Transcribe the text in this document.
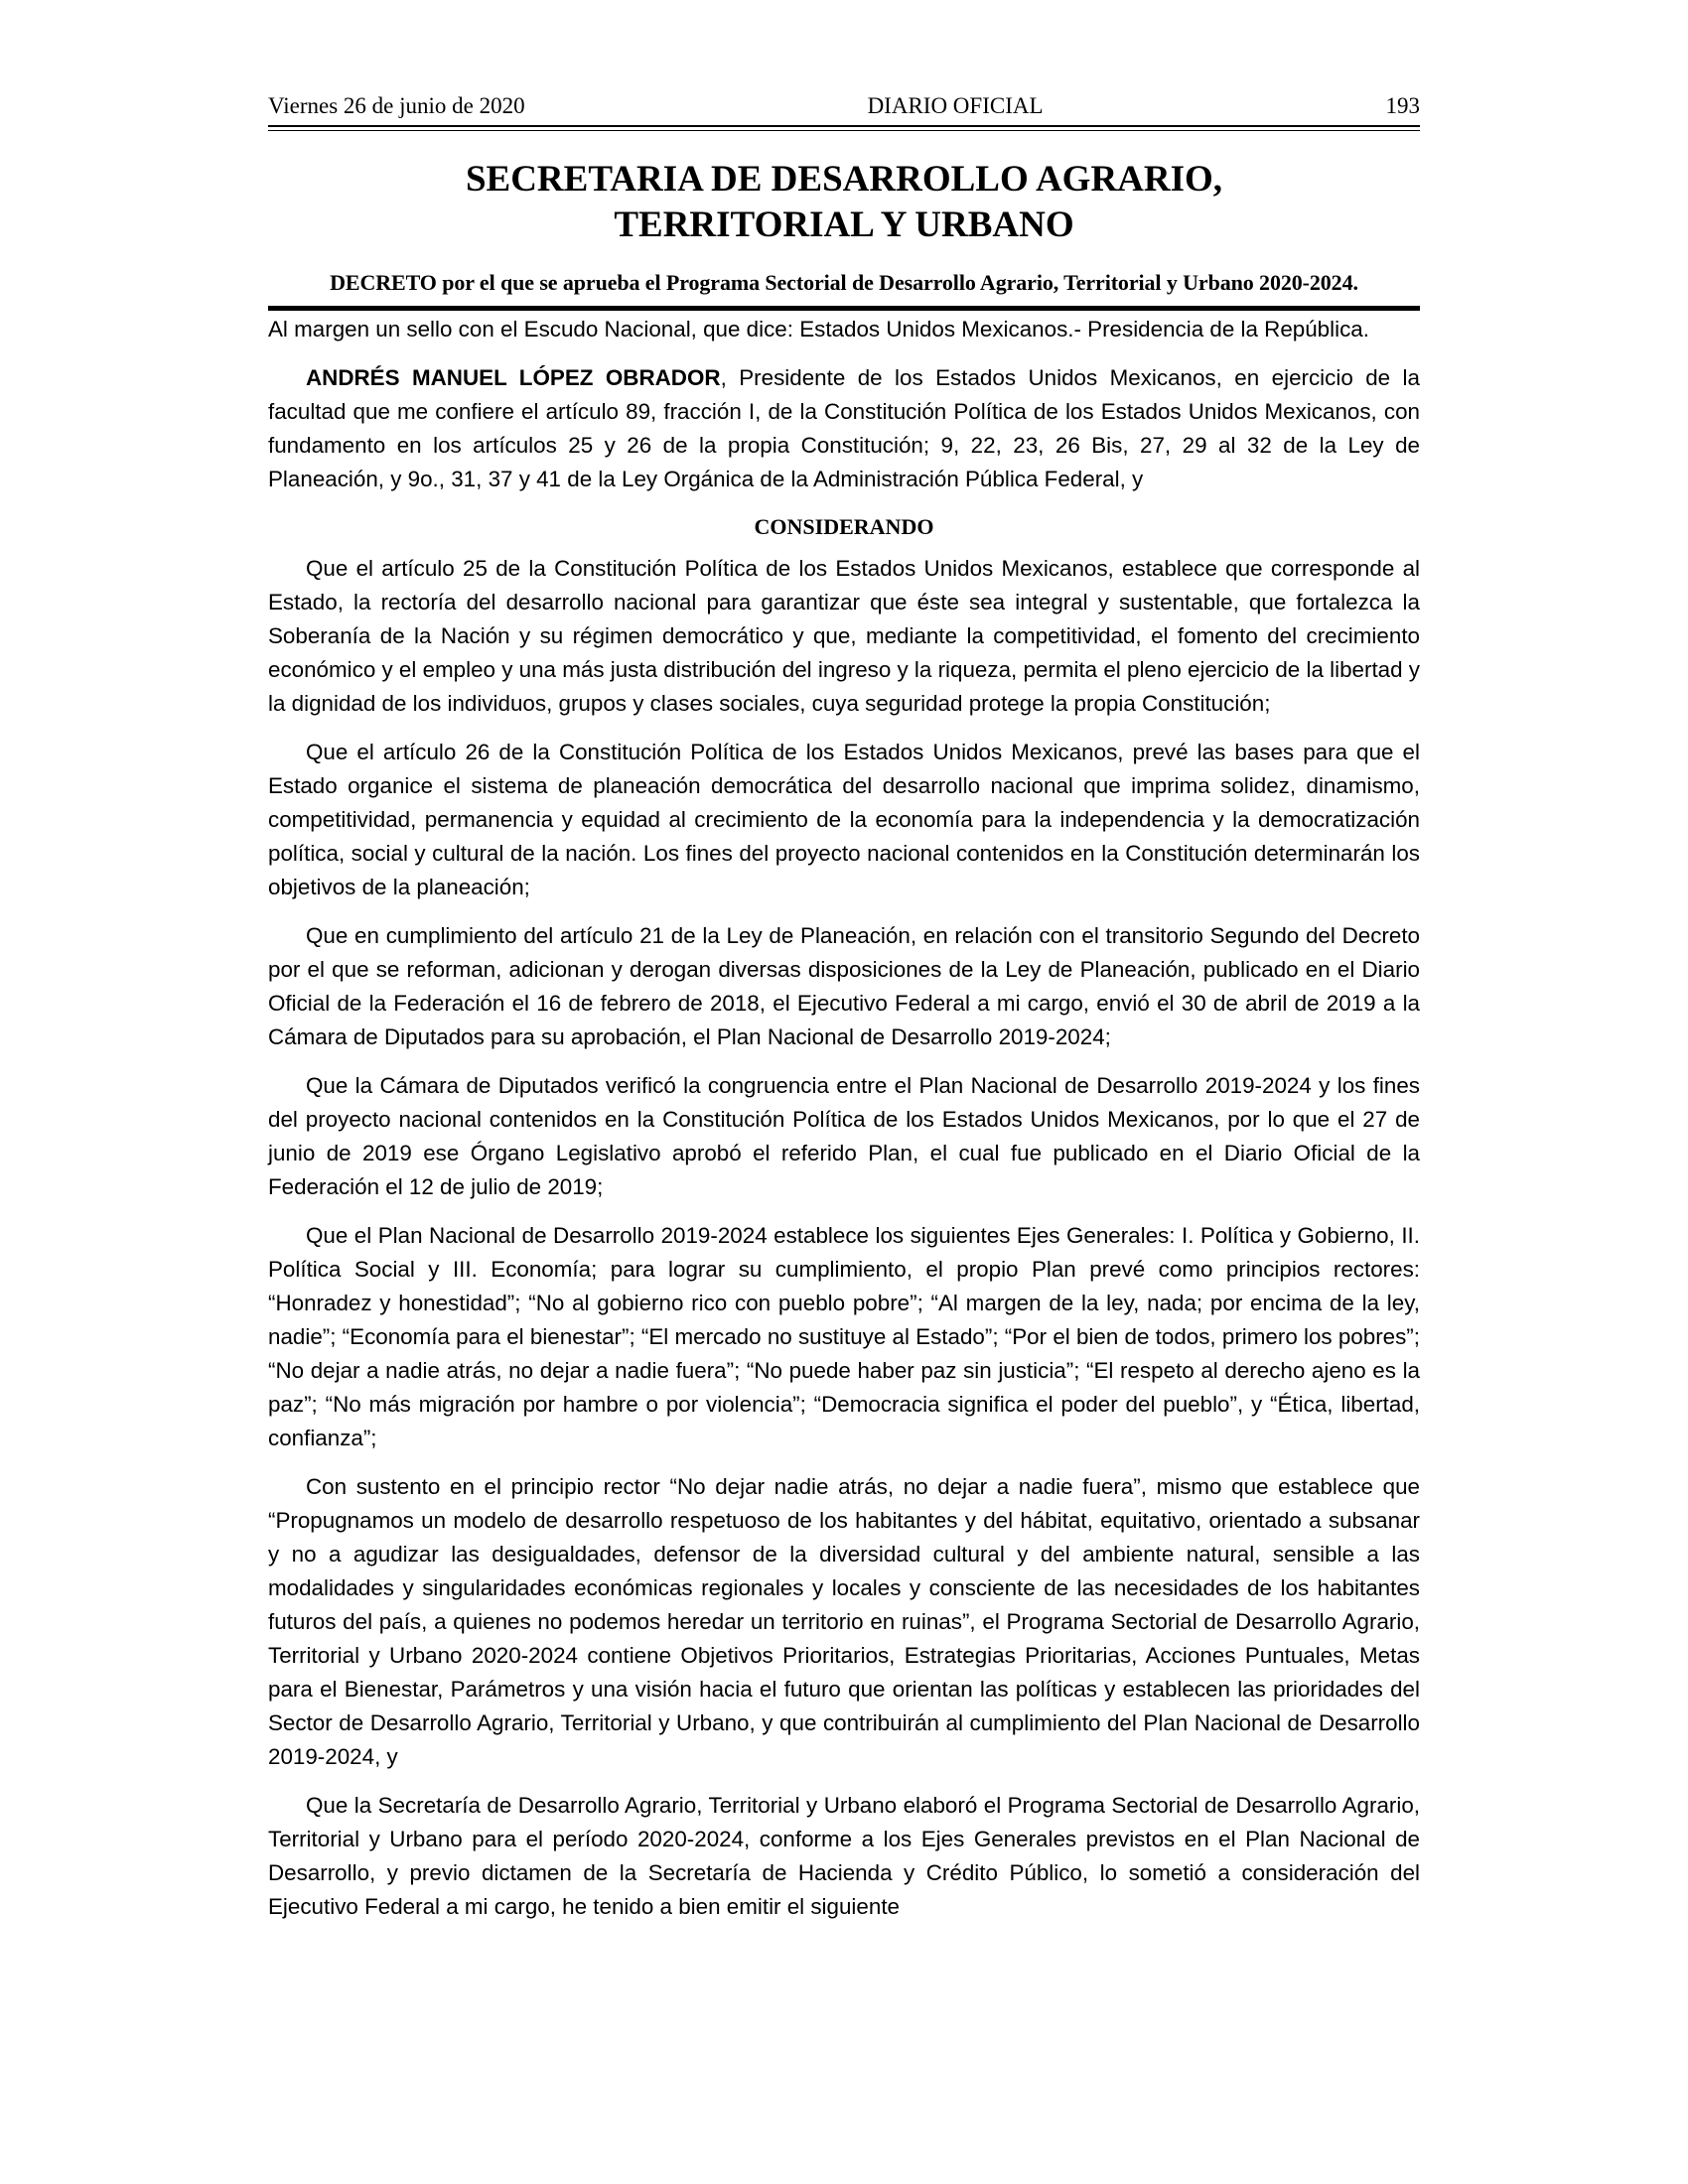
Viernes 26 de junio de 2020	DIARIO OFICIAL	193
SECRETARIA DE DESARROLLO AGRARIO,
TERRITORIAL Y URBANO
DECRETO por el que se aprueba el Programa Sectorial de Desarrollo Agrario, Territorial y Urbano 2020-2024.

Al margen un sello con el Escudo Nacional, que dice: Estados Unidos Mexicanos.- Presidencia de la República.

ANDRÉS MANUEL LÓPEZ OBRADOR, Presidente de los Estados Unidos Mexicanos, en ejercicio de la facultad que me confiere el artículo 89, fracción I, de la Constitución Política de los Estados Unidos Mexicanos, con fundamento en los artículos 25 y 26 de la propia Constitución; 9, 22, 23, 26 Bis, 27, 29 al 32 de la Ley de Planeación, y 9o., 31, 37 y 41 de la Ley Orgánica de la Administración Pública Federal, y

CONSIDERANDO

Que el artículo 25 de la Constitución Política de los Estados Unidos Mexicanos, establece que corresponde al Estado, la rectoría del desarrollo nacional para garantizar que éste sea integral y sustentable, que fortalezca la Soberanía de la Nación y su régimen democrático y que, mediante la competitividad, el fomento del crecimiento económico y el empleo y una más justa distribución del ingreso y la riqueza, permita el pleno ejercicio de la libertad y la dignidad de los individuos, grupos y clases sociales, cuya seguridad protege la propia Constitución;

Que el artículo 26 de la Constitución Política de los Estados Unidos Mexicanos, prevé las bases para que el Estado organice el sistema de planeación democrática del desarrollo nacional que imprima solidez, dinamismo, competitividad, permanencia y equidad al crecimiento de la economía para la independencia y la democratización política, social y cultural de la nación. Los fines del proyecto nacional contenidos en la Constitución determinarán los objetivos de la planeación;

Que en cumplimiento del artículo 21 de la Ley de Planeación, en relación con el transitorio Segundo del Decreto por el que se reforman, adicionan y derogan diversas disposiciones de la Ley de Planeación, publicado en el Diario Oficial de la Federación el 16 de febrero de 2018, el Ejecutivo Federal a mi cargo, envió el 30 de abril de 2019 a la Cámara de Diputados para su aprobación, el Plan Nacional de Desarrollo 2019-2024;

Que la Cámara de Diputados verificó la congruencia entre el Plan Nacional de Desarrollo 2019-2024 y los fines del proyecto nacional contenidos en la Constitución Política de los Estados Unidos Mexicanos, por lo que el 27 de junio de 2019 ese Órgano Legislativo aprobó el referido Plan, el cual fue publicado en el Diario Oficial de la Federación el 12 de julio de 2019;

Que el Plan Nacional de Desarrollo 2019-2024 establece los siguientes Ejes Generales: I. Política y Gobierno, II. Política Social y III. Economía; para lograr su cumplimiento, el propio Plan prevé como principios rectores: “Honradez y honestidad”; “No al gobierno rico con pueblo pobre”; “Al margen de la ley, nada; por encima de la ley, nadie”; “Economía para el bienestar”; “El mercado no sustituye al Estado”; “Por el bien de todos, primero los pobres”; “No dejar a nadie atrás, no dejar a nadie fuera”; “No puede haber paz sin justicia”; “El respeto al derecho ajeno es la paz”; “No más migración por hambre o por violencia”; “Democracia significa el poder del pueblo”, y “Ética, libertad, confianza”;

Con sustento en el principio rector “No dejar nadie atrás, no dejar a nadie fuera”, mismo que establece que “Propugnamos un modelo de desarrollo respetuoso de los habitantes y del hábitat, equitativo, orientado a subsanar y no a agudizar las desigualdades, defensor de la diversidad cultural y del ambiente natural, sensible a las modalidades y singularidades económicas regionales y locales y consciente de las necesidades de los habitantes futuros del país, a quienes no podemos heredar un territorio en ruinas”, el Programa Sectorial de Desarrollo Agrario, Territorial y Urbano 2020-2024 contiene Objetivos Prioritarios, Estrategias Prioritarias, Acciones Puntuales, Metas para el Bienestar, Parámetros y una visión hacia el futuro que orientan las políticas y establecen las prioridades del Sector de Desarrollo Agrario, Territorial y Urbano, y que contribuirán al cumplimiento del Plan Nacional de Desarrollo 2019-2024, y

Que la Secretaría de Desarrollo Agrario, Territorial y Urbano elaboró el Programa Sectorial de Desarrollo Agrario, Territorial y Urbano para el período 2020-2024, conforme a los Ejes Generales previstos en el Plan Nacional de Desarrollo, y previo dictamen de la Secretaría de Hacienda y Crédito Público, lo sometió a consideración del Ejecutivo Federal a mi cargo, he tenido a bien emitir el siguiente
